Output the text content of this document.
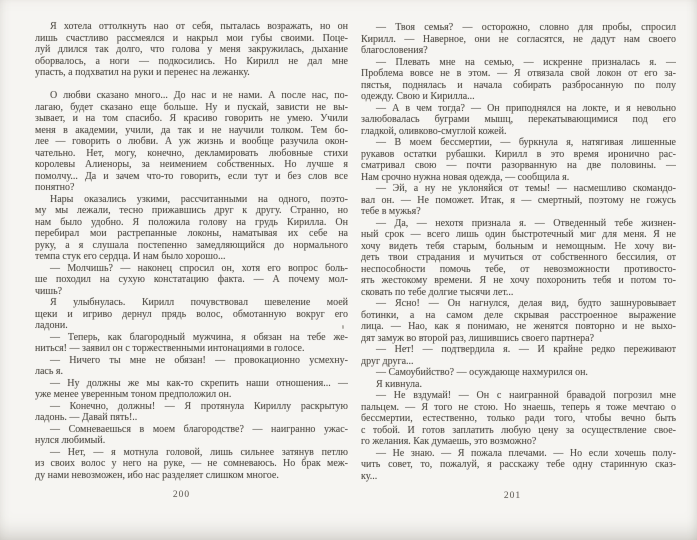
Я хотела оттолкнуть нао от себя, пыталась возражать, но он
лишь счастливо рассмеялся и накрыл мои губы своими. Поце-
луй длился так долго, что голова у меня закружилась, дыхание
оборвалось, а ноги — подкосились. Но Кирилл не дал мне
упасть, а подхватил на руки и перенес на лежанку.
О любви сказано много... До нас и не нами. А после нас, по-
лагаю, будет сказано еще больше. Ну и пускай, зависти не вы-
зывает, и на том спасибо. Я красиво говорить не умею. Учили
меня в академии, учили, да так и не научили толком. Тем бо-
лее — говорить о любви. А уж жизнь и вообще разучила окон-
чательно. Нет, могу, конечно, декламировать любовные стихи
королевы Алиеноры, за неимением собственных. Но лучше я
помолчу... Да и зачем что-то говорить, если тут и без слов все
понятно?
Нары оказались узкими, рассчитанными на одного, поэто-
му мы лежали, тесно прижавшись друг к другу. Странно, но
нам было удобно. Я положила голову на грудь Кирилла. Он
перебирал мои растрепанные локоны, наматывая их себе на
руку, а я слушала постепенно замедляющийся до нормального
темпа стук его сердца. И нам было хорошо...
— Молчишь? — наконец спросил он, хотя его вопрос боль-
ше походил на сухую констатацию факта. — А почему мол-
чишь?
Я улыбнулась. Кирилл почувствовал шевеление моей
щеки и игриво дернул прядь волос, обмотанную вокруг его
ладони.
— Теперь, как благородный мужчина, я обязан на тебе же-
ниться! — заявил он с торжественными интонациями в голосе.
— Ничего ты мне не обязан! — провокационно усмехну-
лась я.
— Ну должны же мы как-то скрепить наши отношения... —
уже менее уверенным тоном предположил он.
— Конечно, должны! — Я протянула Кириллу раскрытую
ладонь. — Давай пять!..
— Сомневаешься в моем благородстве? — наигранно ужас-
нулся любимый.
— Нет, — я мотнула головой, лишь сильнее затянув петлю
из своих волос у него на руке, — не сомневаюсь. Но брак меж-
ду нами невозможен, ибо нас разделяет слишком многое.
200
— Твоя семья? — осторожно, словно для пробы, спросил
Кирилл. — Наверное, они не согласятся, не дадут нам своего
благословения?
— Плевать мне на семью, — искренне призналась я. —
Проблема вовсе не в этом. — Я отвязала свой локон от его за-
пястья, поднялась и начала собирать разбросанную по полу
одежду. Свою и Кирилла...
— А в чем тогда? — Он приподнялся на локте, и я невольно
залюбовалась буграми мышц, перекатывающимися под его
гладкой, оливково-смуглой кожей.
— В моем бессмертии, — буркнула я, натягивая лишенные
рукавов остатки рубашки. Кирилл в это время иронично рас-
сматривал свою — почти разорванную на две половины. —
Нам срочно нужна новая одежда, — сообщила я.
— Эй, а ну не уклоняйся от темы! — насмешливо скомандо-
вал он. — Не поможет. Итак, я — смертный, поэтому не гожусь
тебе в мужья?
— Да, — нехотя признала я. — Отведенный тебе жизнен-
ный срок — всего лишь один быстротечный миг для меня. Я не
хочу видеть тебя старым, больным и немощным. Не хочу ви-
деть твои страдания и мучиться от собственного бессилия, от
неспособности помочь тебе, от невозможности противосто-
ять жестокому времени. Я не хочу похоронить тебя и потом то-
сковать по тебе долгие тысячи лет...
— Ясно! — Он нагнулся, делая вид, будто зашнуровывает
ботинки, а на самом деле скрывая расстроенное выражение
лица. — Нао, как я понимаю, не женятся повторно и не выхо-
дят замуж во второй раз, лишившись своего партнера?
— Нет! — подтвердила я. — И крайне редко переживают
друг друга...
— Самоубийство? — осуждающе нахмурился он.
Я кивнула.
— Не вздумай! — Он с наигранной бравадой погрозил мне
пальцем. — Я того не стою. Но знаешь, теперь я тоже мечтаю о
бессмертии, естественно, только ради того, чтобы вечно быть
с тобой. И готов заплатить любую цену за осуществление свое-
го желания. Как думаешь, это возможно?
— Не знаю. — Я пожала плечами. — Но если хочешь полу-
чить совет, то, пожалуй, я расскажу тебе одну старинную сказ-
ку...
201
